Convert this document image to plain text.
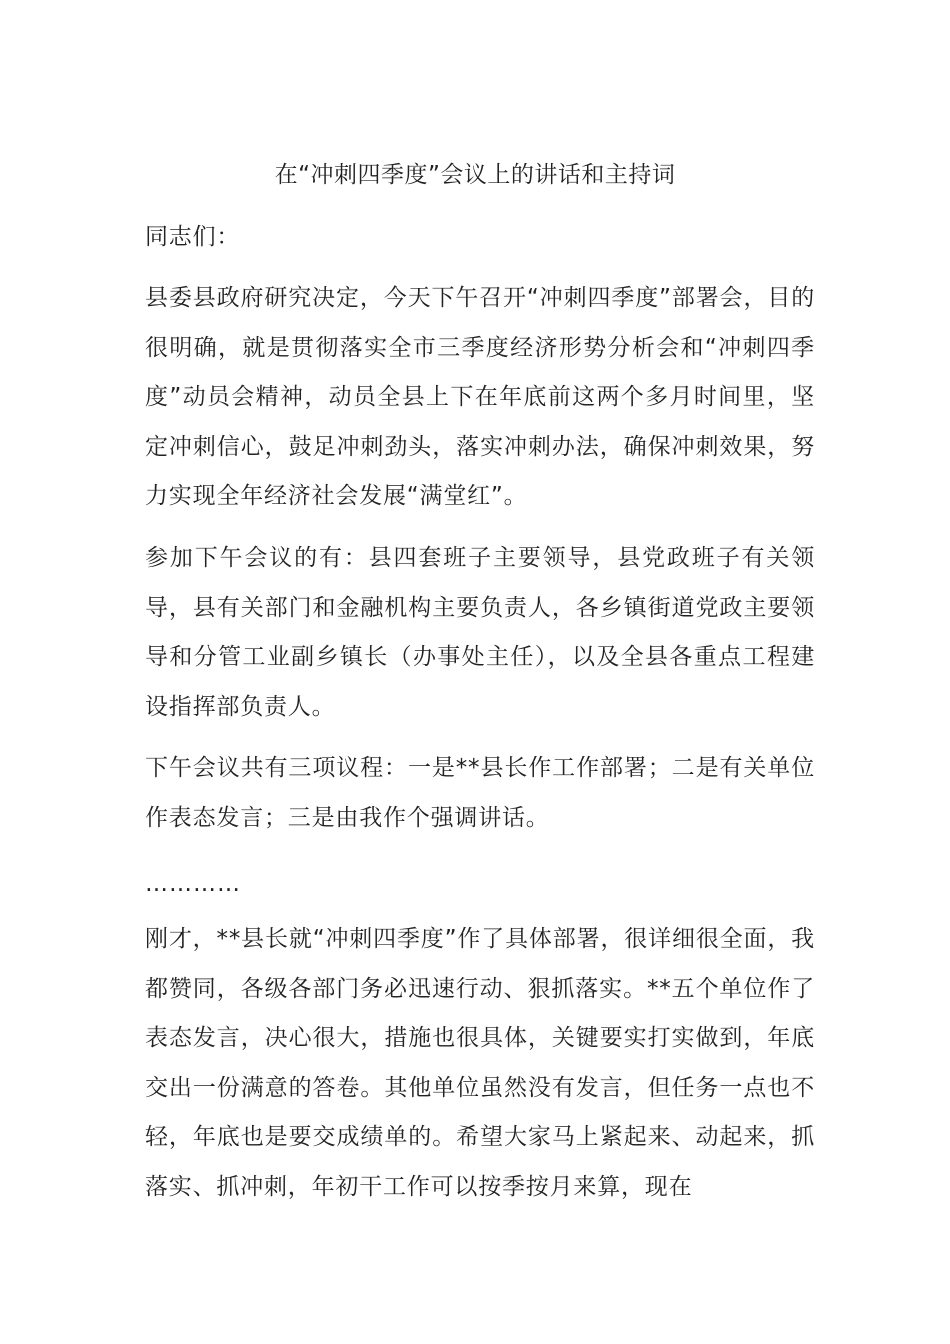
在“冲刺四季度”会议上的讲话和主持词

同志们：

县委县政府研究决定，今天下午召开“冲刺四季度”部署会，目的很明确，就是贯彻落实全市三季度经济形势分析会和“冲刺四季度”动员会精神，动员全县上下在年底前这两个多月时间里，坚定冲刺信心，鼓足冲刺劲头，落实冲刺办法，确保冲刺效果，努力实现全年经济社会发展“满堂红”。

参加下午会议的有：县四套班子主要领导，县党政班子有关领导，县有关部门和金融机构主要负责人，各乡镇街道党政主要领导和分管工业副乡镇长（办事处主任），以及全县各重点工程建设指挥部负责人。

下午会议共有三项议程：一是**县长作工作部署；二是有关单位作表态发言；三是由我作个强调讲话。

…………

刚才，**县长就“冲刺四季度”作了具体部署，很详细很全面，我都赞同，各级各部门务必迅速行动、狠抓落实。**五个单位作了表态发言，决心很大，措施也很具体，关键要实打实做到，年底交出一份满意的答卷。其他单位虽然没有发言，但任务一点也不轻，年底也是要交成绩单的。希望大家马上紧起来、动起来，抓落实、抓冲刺，年初干工作可以按季按月来算，现在
